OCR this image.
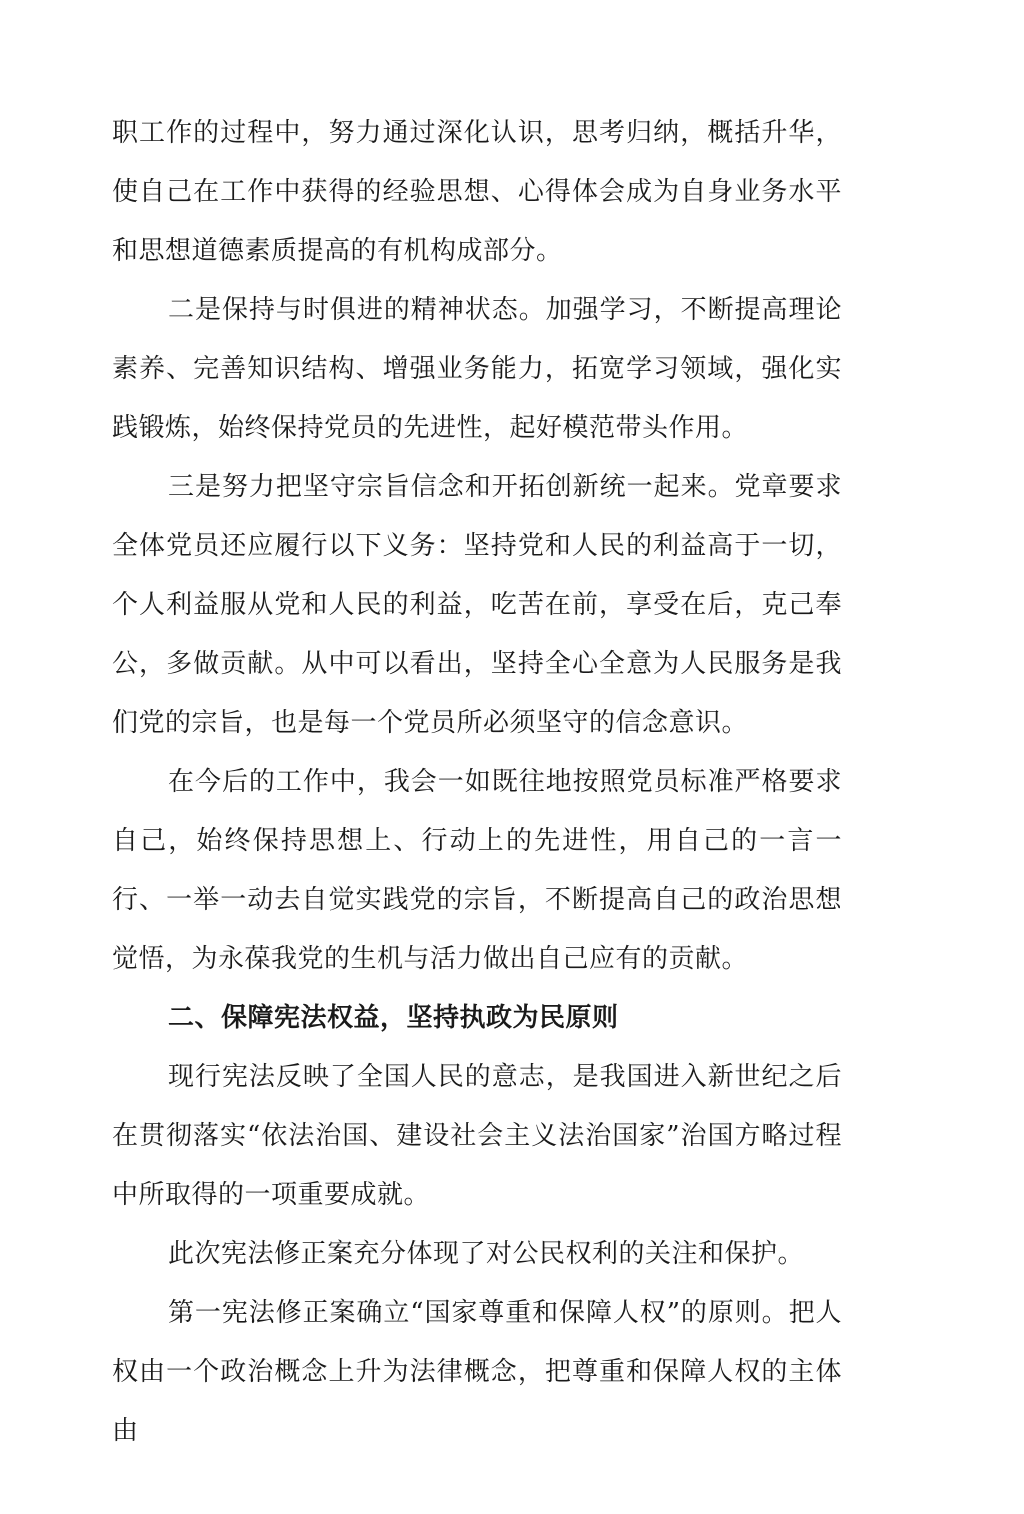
职工作的过程中，努力通过深化认识，思考归纳，概括升华，使自己在工作中获得的经验思想、心得体会成为自身业务水平和思想道德素质提高的有机构成部分。

二是保持与时俱进的精神状态。加强学习，不断提高理论素养、完善知识结构、增强业务能力，拓宽学习领域，强化实践锻炼，始终保持党员的先进性，起好模范带头作用。

三是努力把坚守宗旨信念和开拓创新统一起来。党章要求全体党员还应履行以下义务：坚持党和人民的利益高于一切，个人利益服从党和人民的利益，吃苦在前，享受在后，克己奉公，多做贡献。从中可以看出，坚持全心全意为人民服务是我们党的宗旨，也是每一个党员所必须坚守的信念意识。

在今后的工作中，我会一如既往地按照党员标准严格要求自己，始终保持思想上、行动上的先进性，用自己的一言一行、一举一动去自觉实践党的宗旨，不断提高自己的政治思想觉悟，为永葆我党的生机与活力做出自己应有的贡献。

二、保障宪法权益，坚持执政为民原则

现行宪法反映了全国人民的意志，是我国进入新世纪之后在贯彻落实“依法治国、建设社会主义法治国家”治国方略过程中所取得的一项重要成就。

此次宪法修正案充分体现了对公民权利的关注和保护。

第一宪法修正案确立“国家尊重和保障人权”的原则。把人权由一个政治概念上升为法律概念，把尊重和保障人权的主体由
